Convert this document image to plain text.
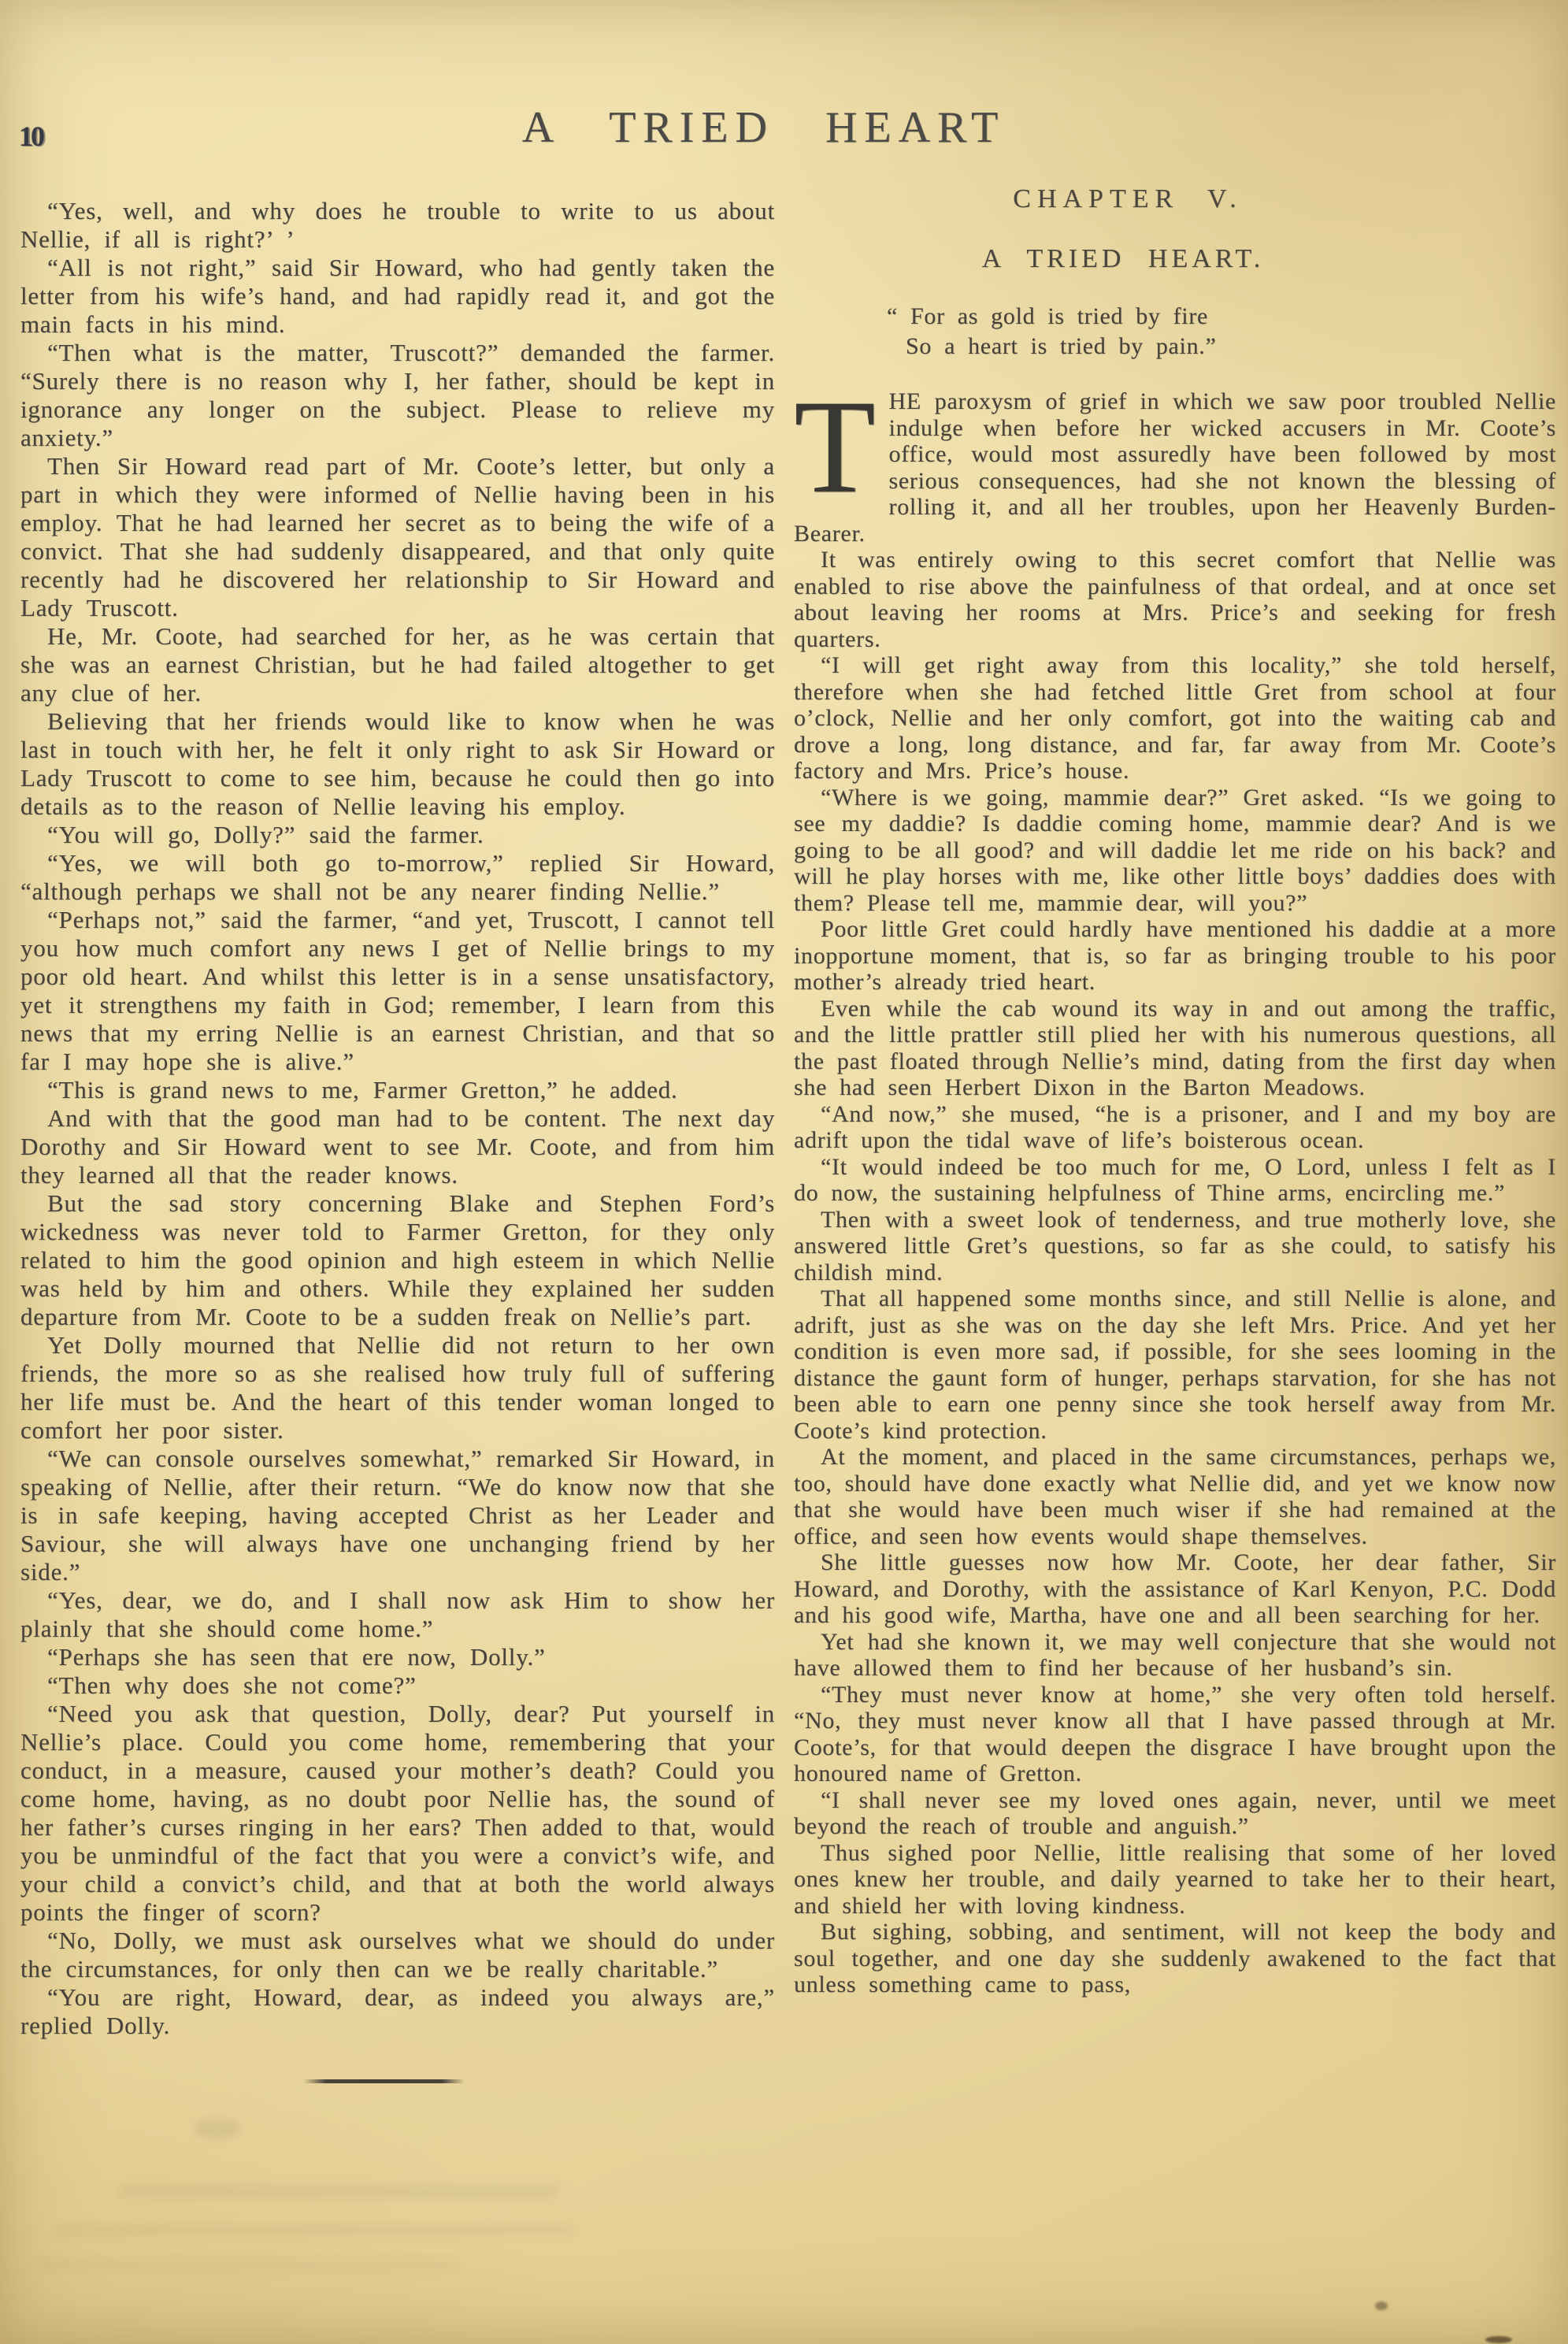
10	A TRIED HEART

“Yes, well, and why does he trouble to write to us about Nellie, if all is right?’ ’

“All is not right,” said Sir Howard, who had gently taken the letter from his wife’s hand, and had rapidly read it, and got the main facts in his mind.

“Then what is the matter, Truscott?” demanded the farmer. “Surely there is no reason why I, her father, should be kept in ignorance any longer on the subject. Please to relieve my anxiety.”

Then Sir Howard read part of Mr. Coote’s letter, but only a part in which they were informed of Nellie having been in his employ. That he had learned her secret as to being the wife of a convict. That she had suddenly disappeared, and that only quite recently had he discovered her relationship to Sir Howard and Lady Truscott.

He, Mr. Coote, had searched for her, as he was certain that she was an earnest Christian, but he had failed altogether to get any clue of her.

Believing that her friends would like to know when he was last in touch with her, he felt it only right to ask Sir Howard or Lady Truscott to come to see him, because he could then go into details as to the reason of Nellie leaving his employ.

“You will go, Dolly?” said the farmer.

“Yes, we will both go to-morrow,” replied Sir Howard, “although perhaps we shall not be any nearer finding Nellie.”

“Perhaps not,” said the farmer, “and yet, Truscott, I cannot tell you how much comfort any news I get of Nellie brings to my poor old heart. And whilst this letter is in a sense unsatisfactory, yet it strengthens my faith in God; remember, I learn from this news that my erring Nellie is an earnest Christian, and that so far I may hope she is alive.”

“This is grand news to me, Farmer Gretton,” he added.

And with that the good man had to be content. The next day Dorothy and Sir Howard went to see Mr. Coote, and from him they learned all that the reader knows.

But the sad story concerning Blake and Stephen Ford’s wickedness was never told to Farmer Gretton, for they only related to him the good opinion and high esteem in which Nellie was held by him and others. While they explained her sudden departure from Mr. Coote to be a sudden freak on Nellie’s part.

Yet Dolly mourned that Nellie did not return to her own friends, the more so as she realised how truly full of suffering her life must be. And the heart of this tender woman longed to comfort her poor sister.

“We can console ourselves somewhat,” remarked Sir Howard, in speaking of Nellie, after their return. “We do know now that she is in safe keeping, having accepted Christ as her Leader and Saviour, she will always have one unchanging friend by her side.”

“Yes, dear, we do, and I shall now ask Him to show her plainly that she should come home.”

“Perhaps she has seen that ere now, Dolly.”

“Then why does she not come?”

“Need you ask that question, Dolly, dear? Put yourself in Nellie’s place. Could you come home, remembering that your conduct, in a measure, caused your mother’s death? Could you come home, having, as no doubt poor Nellie has, the sound of her father’s curses ringing in her ears? Then added to that, would you be unmindful of the fact that you were a convict’s wife, and your child a convict’s child, and that at both the world always points the finger of scorn?

“No, Dolly, we must ask ourselves what we should do under the circumstances, for only then can we be really charitable.”

“You are right, Howard, dear, as indeed you always are,” replied Dolly.

CHAPTER V.
A TRIED HEART.
“ For as gold is tried by fire
So a heart is tried by pain.”

THE paroxysm of grief in which we saw poor troubled Nellie indulge when before her wicked accusers in Mr. Coote’s office, would most assuredly have been followed by most serious consequences, had she not known the blessing of rolling it, and all her troubles, upon her Heavenly Burden-Bearer.

It was entirely owing to this secret comfort that Nellie was enabled to rise above the painfulness of that ordeal, and at once set about leaving her rooms at Mrs. Price’s and seeking for fresh quarters.

“I will get right away from this locality,” she told herself, therefore when she had fetched little Gret from school at four o’clock, Nellie and her only comfort, got into the waiting cab and drove a long, long distance, and far, far away from Mr. Coote’s factory and Mrs. Price’s house.

“Where is we going, mammie dear?” Gret asked. “Is we going to see my daddie? Is daddie coming home, mammie dear? And is we going to be all good? and will daddie let me ride on his back? and will he play horses with me, like other little boys’ daddies does with them? Please tell me, mammie dear, will you?”

Poor little Gret could hardly have mentioned his daddie at a more inopportune moment, that is, so far as bringing trouble to his poor mother’s already tried heart.

Even while the cab wound its way in and out among the traffic, and the little prattler still plied her with his numerous questions, all the past floated through Nellie’s mind, dating from the first day when she had seen Herbert Dixon in the Barton Meadows.

“And now,” she mused, “he is a prisoner, and I and my boy are adrift upon the tidal wave of life’s boisterous ocean.

“It would indeed be too much for me, O Lord, unless I felt as I do now, the sustaining helpfulness of Thine arms, encircling me.”

Then with a sweet look of tenderness, and true motherly love, she answered little Gret’s questions, so far as she could, to satisfy his childish mind.

That all happened some months since, and still Nellie is alone, and adrift, just as she was on the day she left Mrs. Price. And yet her condition is even more sad, if possible, for she sees looming in the distance the gaunt form of hunger, perhaps starvation, for she has not been able to earn one penny since she took herself away from Mr. Coote’s kind protection.

At the moment, and placed in the same circumstances, perhaps we, too, should have done exactly what Nellie did, and yet we know now that she would have been much wiser if she had remained at the office, and seen how events would shape themselves.

She little guesses now how Mr. Coote, her dear father, Sir Howard, and Dorothy, with the assistance of Karl Kenyon, P.C. Dodd and his good wife, Martha, have one and all been searching for her.

Yet had she known it, we may well conjecture that she would not have allowed them to find her because of her husband’s sin.

“They must never know at home,” she very often told herself. “No, they must never know all that I have passed through at Mr. Coote’s, for that would deepen the disgrace I have brought upon the honoured name of Gretton.

“I shall never see my loved ones again, never, until we meet beyond the reach of trouble and anguish.”

Thus sighed poor Nellie, little realising that some of her loved ones knew her trouble, and daily yearned to take her to their heart, and shield her with loving kindness.

But sighing, sobbing, and sentiment, will not keep the body and soul together, and one day she suddenly awakened to the fact that unless something came to pass,
